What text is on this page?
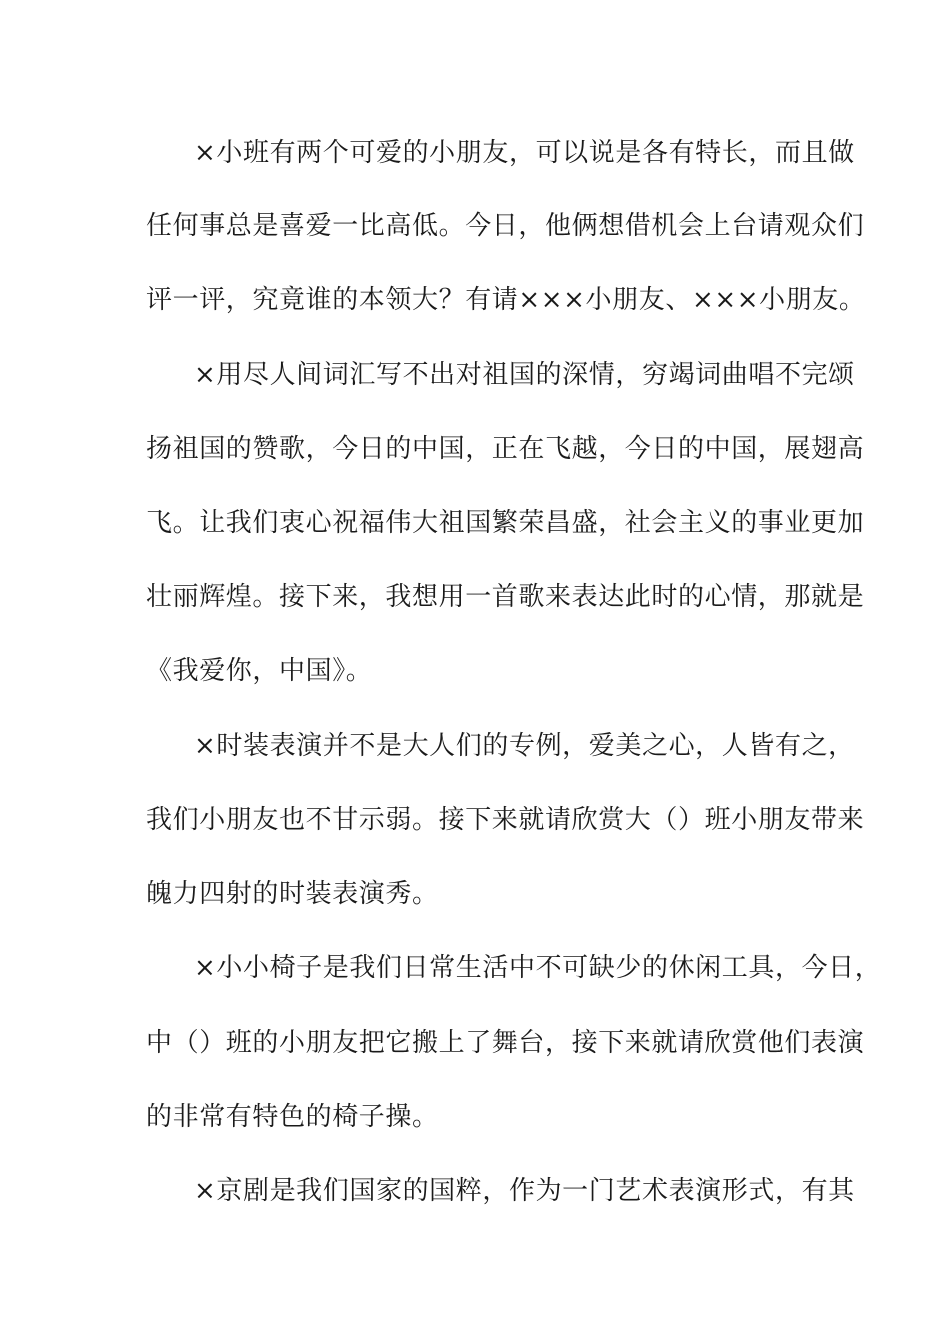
×小班有两个可爱的小朋友，可以说是各有特长，而且做
任何事总是喜爱一比高低。今日，他俩想借机会上台请观众们
评一评，究竟谁的本领大？有请×××小朋友、×××小朋友。
×用尽人间词汇写不出对祖国的深情，穷竭词曲唱不完颂
扬祖国的赞歌，今日的中国，正在飞越，今日的中国，展翅高
飞。让我们衷心祝福伟大祖国繁荣昌盛，社会主义的事业更加
壮丽辉煌。接下来，我想用一首歌来表达此时的心情，那就是
《我爱你，中国》。
×时装表演并不是大人们的专例，爱美之心，人皆有之，
我们小朋友也不甘示弱。接下来就请欣赏大（）班小朋友带来
魄力四射的时装表演秀。
×小小椅子是我们日常生活中不可缺少的休闲工具，今日，
中（）班的小朋友把它搬上了舞台，接下来就请欣赏他们表演
的非常有特色的椅子操。
×京剧是我们国家的国粹，作为一门艺术表演形式，有其
